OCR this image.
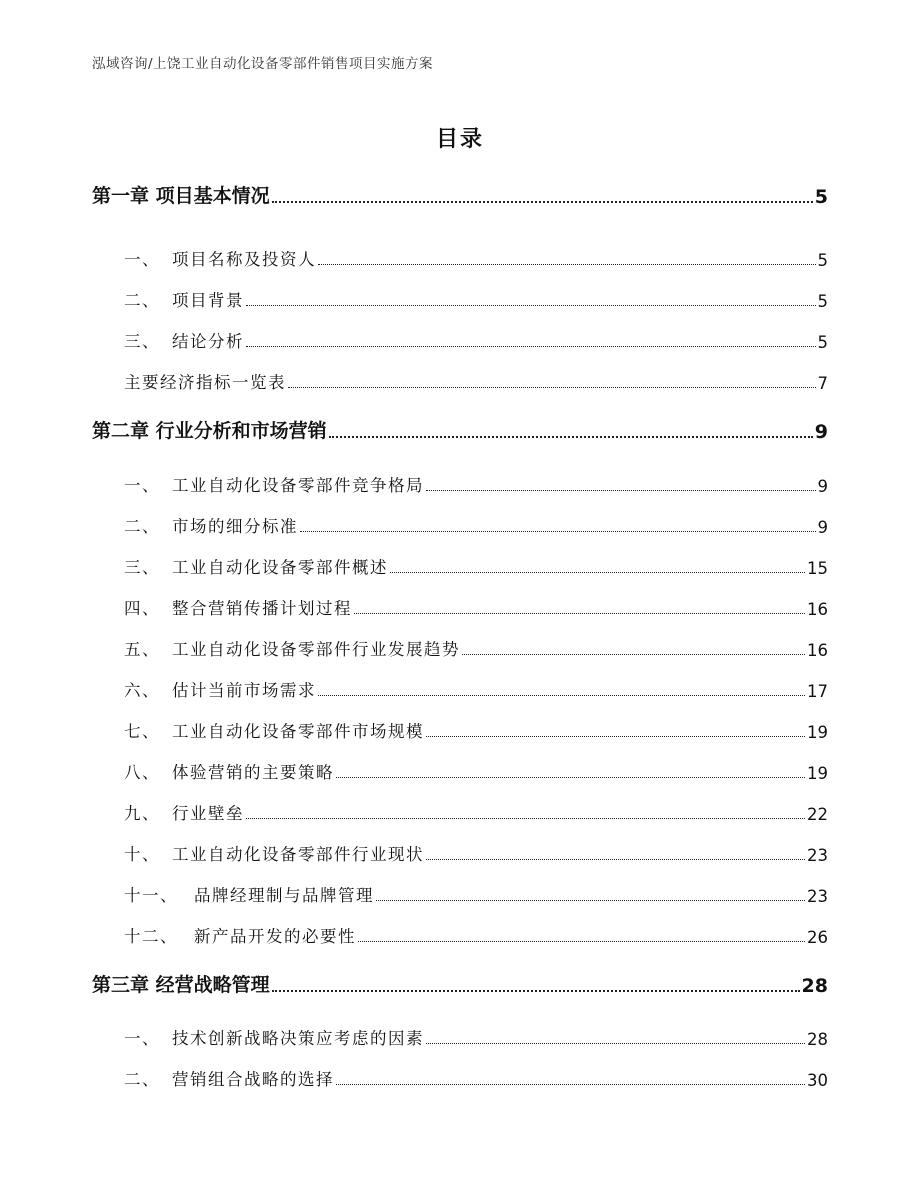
泓域咨询/上饶工业自动化设备零部件销售项目实施方案
目录
第一章 项目基本情况	5
一、 项目名称及投资人	5
二、 项目背景	5
三、 结论分析	5
主要经济指标一览表	7
第二章 行业分析和市场营销	9
一、 工业自动化设备零部件竞争格局	9
二、 市场的细分标准	9
三、 工业自动化设备零部件概述	15
四、 整合营销传播计划过程	16
五、 工业自动化设备零部件行业发展趋势	16
六、 估计当前市场需求	17
七、 工业自动化设备零部件市场规模	19
八、 体验营销的主要策略	19
九、 行业壁垒	22
十、 工业自动化设备零部件行业现状	23
十一、 品牌经理制与品牌管理	23
十二、 新产品开发的必要性	26
第三章 经营战略管理	28
一、 技术创新战略决策应考虑的因素	28
二、 营销组合战略的选择	30
